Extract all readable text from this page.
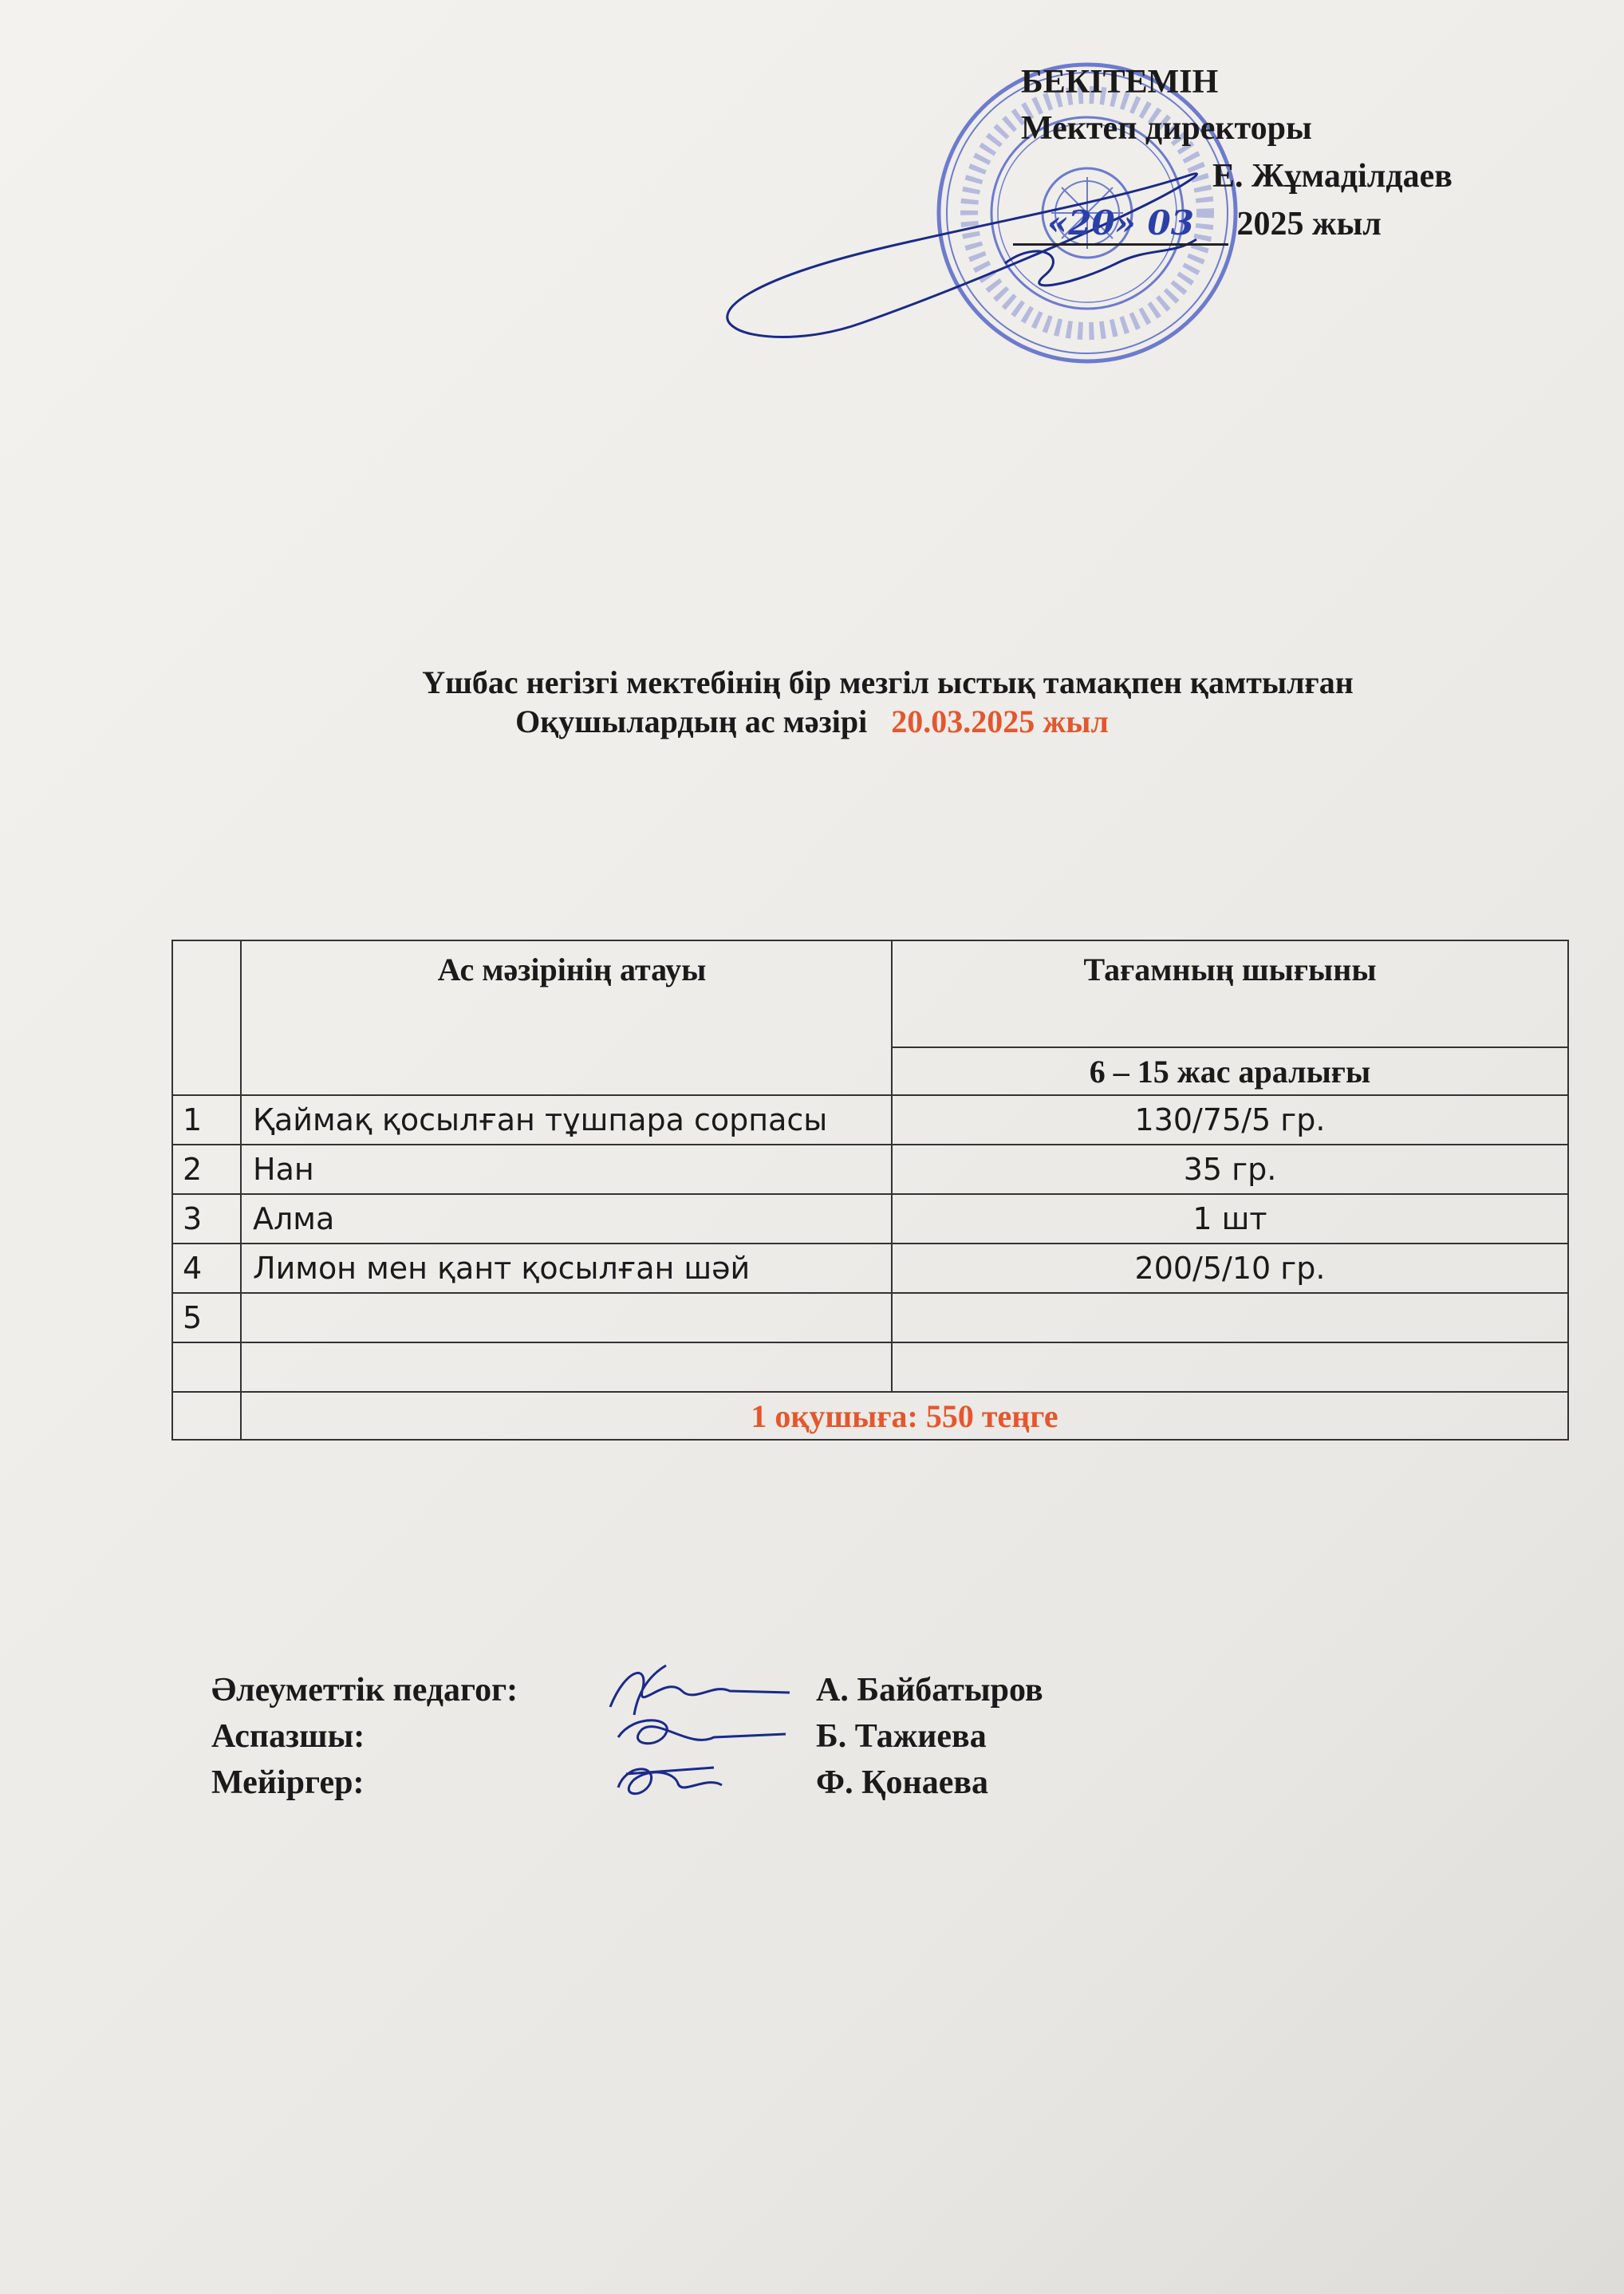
БЕКІТЕМІН
Мектеп директоры
Е. Жұмаділдаев
«20» 03 2025 жыл
Үшбас негізгі мектебінің бір мезгіл ыстық тамақпен қамтылған
Оқушылардың ас мәзірі 20.03.2025 жыл
	Ас мәзірінің атауы	Тағамның шығыны
		6 – 15 жас аралығы
1	Қаймақ қосылған тұшпара сорпасы	130/75/5 гр.
2	Нан	35 гр.
3	Алма	1 шт
4	Лимон мен қант қосылған шәй	200/5/10 гр.
5		

	1 оқушыға: 550 теңге	
Әлеуметтік педагог:	А. Байбатыров
Аспазшы:	Б. Тажиева
Мейіргер:	Ф. Қонаева
